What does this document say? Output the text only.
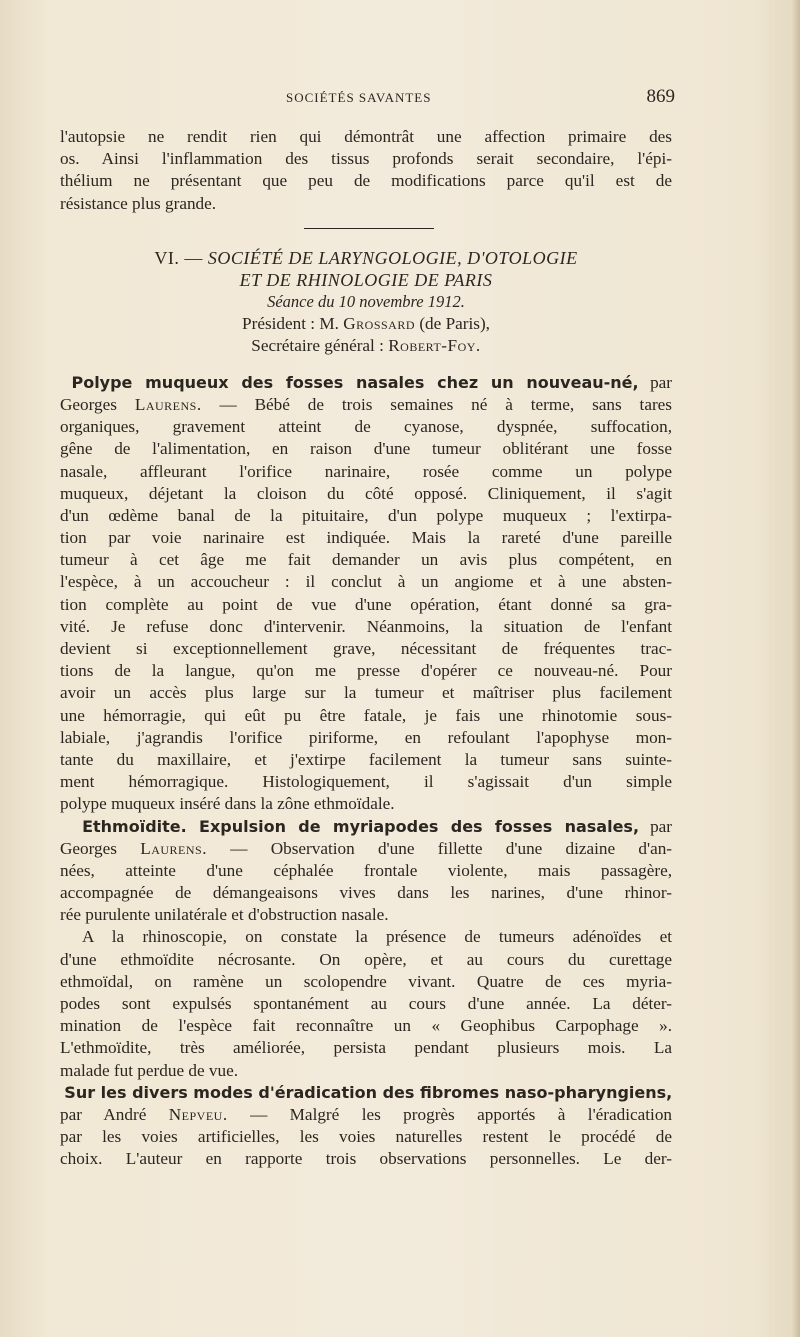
SOCIÉTÉS SAVANTES	869
l'autopsie ne rendit rien qui démontrât une affection primaire des
os. Ainsi l'inflammation des tissus profonds serait secondaire, l'épi-
thélium ne présentant que peu de modifications parce qu'il est de
résistance plus grande.
VI. — SOCIÉTÉ DE LARYNGOLOGIE, D'OTOLOGIE
ET DE RHINOLOGIE DE PARIS
Séance du 10 novembre 1912.
Président : M. Grossard (de Paris),
Secrétaire général : Robert-Foy.
Polype muqueux des fosses nasales chez un nouveau-né, par
Georges Laurens. — Bébé de trois semaines né à terme, sans tares
organiques, gravement atteint de cyanose, dyspnée, suffocation,
gêne de l'alimentation, en raison d'une tumeur oblitérant une fosse
nasale, affleurant l'orifice narinaire, rosée comme un polype
muqueux, déjetant la cloison du côté opposé. Cliniquement, il s'agit
d'un œdème banal de la pituitaire, d'un polype muqueux ; l'extirpa-
tion par voie narinaire est indiquée. Mais la rareté d'une pareille
tumeur à cet âge me fait demander un avis plus compétent, en
l'espèce, à un accoucheur : il conclut à un angiome et à une absten-
tion complète au point de vue d'une opération, étant donné sa gra-
vité. Je refuse donc d'intervenir. Néanmoins, la situation de l'enfant
devient si exceptionnellement grave, nécessitant de fréquentes trac-
tions de la langue, qu'on me presse d'opérer ce nouveau-né. Pour
avoir un accès plus large sur la tumeur et maîtriser plus facilement
une hémorragie, qui eût pu être fatale, je fais une rhinotomie sous-
labiale, j'agrandis l'orifice piriforme, en refoulant l'apophyse mon-
tante du maxillaire, et j'extirpe facilement la tumeur sans suinte-
ment hémorragique. Histologiquement, il s'agissait d'un simple
polype muqueux inséré dans la zône ethmoïdale.
Ethmoïdite. Expulsion de myriapodes des fosses nasales, par
Georges Laurens. — Observation d'une fillette d'une dizaine d'an-
nées, atteinte d'une céphalée frontale violente, mais passagère,
accompagnée de démangeaisons vives dans les narines, d'une rhinor-
rée purulente unilatérale et d'obstruction nasale.
A la rhinoscopie, on constate la présence de tumeurs adénoïdes et
d'une ethmoïdite nécrosante. On opère, et au cours du curettage
ethmoïdal, on ramène un scolopendre vivant. Quatre de ces myria-
podes sont expulsés spontanément au cours d'une année. La déter-
mination de l'espèce fait reconnaître un « Geophibus Carpophage ».
L'ethmoïdite, très améliorée, persista pendant plusieurs mois. La
malade fut perdue de vue.
Sur les divers modes d'éradication des fibromes naso-pharyngiens,
par André Nepveu. — Malgré les progrès apportés à l'éradication
par les voies artificielles, les voies naturelles restent le procédé de
choix. L'auteur en rapporte trois observations personnelles. Le der-
